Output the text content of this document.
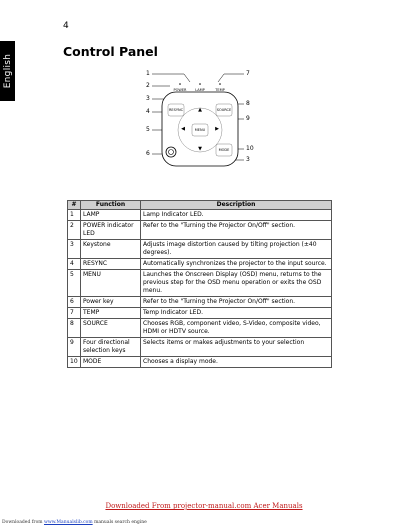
4
English
Control Panel
POWER	LAMP	TEMP
RESYNC	SOURCE
MENU
MODE
▲
▼
◀	▶
1
2
3
4
5
6
7
8
9
10
3
#	Function	Description
1	LAMP	Lamp Indicator LED.
2	POWER indicator LED	Refer to the "Turning the Projector On/Off" section.
3	Keystone	Adjusts image distortion caused by tilting projection (±40 degrees).
4	RESYNC	Automatically synchronizes the projector to the input source.
5	MENU	Launches the Onscreen Display (OSD) menu, returns to the previous step for the OSD menu operation or exits the OSD menu.
6	Power key	Refer to the "Turning the Projector On/Off" section.
7	TEMP	Temp Indicator LED.
8	SOURCE	Chooses RGB, component video, S-Video, composite video, HDMI or HDTV source.
9	Four directional selection keys	Selects items or makes adjustments to your selection
10	MODE	Chooses a display mode.
Downloaded From projector-manual.com Acer Manuals
Downloaded from www.Manualslib.com manuals search engine
